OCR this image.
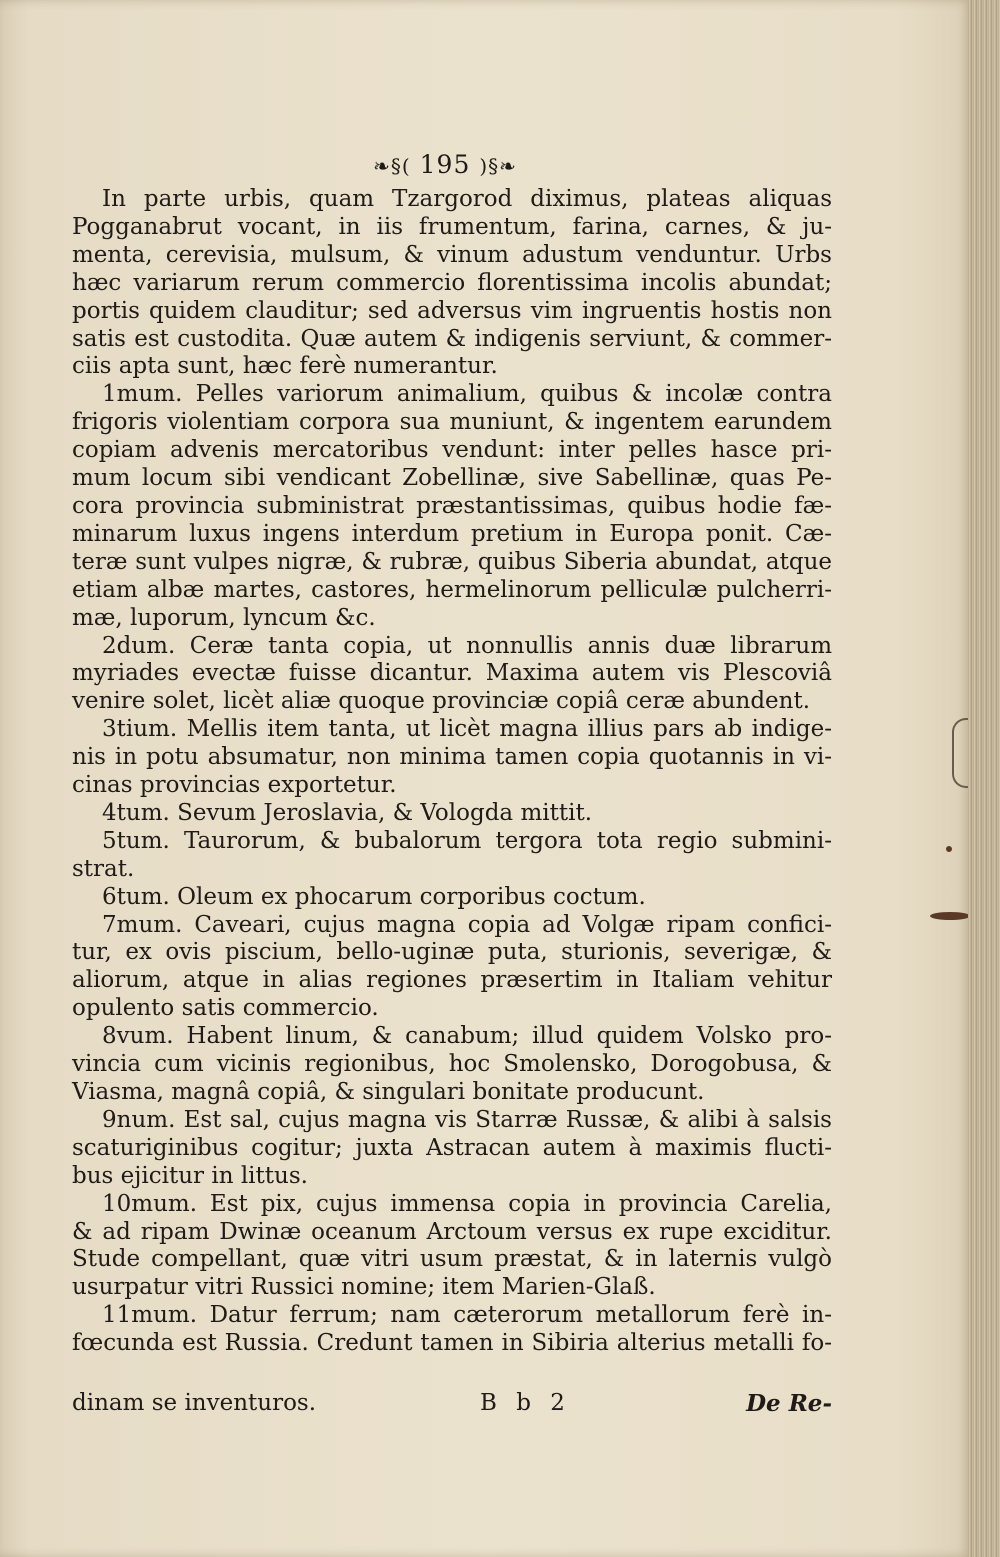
❧§( 195 )§❧
In parte urbis, quam Tzargorod diximus, plateas aliquas
Pogganabrut vocant, in iis frumentum, farina, carnes, & ju-
menta, cerevisia, mulsum, & vinum adustum venduntur. Urbs
hæc variarum rerum commercio florentissima incolis abundat;
portis quidem clauditur; sed adversus vim ingruentis hostis non
satis est custodita. Quæ autem & indigenis serviunt, & commer-
ciis apta sunt, hæc ferè numerantur.
1mum. Pelles variorum animalium, quibus & incolæ contra
frigoris violentiam corpora sua muniunt, & ingentem earundem
copiam advenis mercatoribus vendunt: inter pelles hasce pri-
mum locum sibi vendicant Zobellinæ, sive Sabellinæ, quas Pe-
cora provincia subministrat præstantissimas, quibus hodie fæ-
minarum luxus ingens interdum pretium in Europa ponit. Cæ-
teræ sunt vulpes nigræ, & rubræ, quibus Siberia abundat, atque
etiam albæ martes, castores, hermelinorum pelliculæ pulcherri-
mæ, luporum, lyncum &c.
2dum. Ceræ tanta copia, ut nonnullis annis duæ librarum
myriades evectæ fuisse dicantur. Maxima autem vis Plescoviâ
venire solet, licèt aliæ quoque provinciæ copiâ ceræ abundent.
3tium. Mellis item tanta, ut licèt magna illius pars ab indige-
nis in potu absumatur, non minima tamen copia quotannis in vi-
cinas provincias exportetur.
4tum. Sevum Jeroslavia, & Vologda mittit.
5tum. Taurorum, & bubalorum tergora tota regio submini-
strat.
6tum. Oleum ex phocarum corporibus coctum.
7mum. Caveari, cujus magna copia ad Volgæ ripam confici-
tur, ex ovis piscium, bello-uginæ puta, sturionis, severigæ, &
aliorum, atque in alias regiones præsertim in Italiam vehitur
opulento satis commercio.
8vum. Habent linum, & canabum; illud quidem Volsko pro-
vincia cum vicinis regionibus, hoc Smolensko, Dorogobusa, &
Viasma, magnâ copiâ, & singulari bonitate producunt.
9num. Est sal, cujus magna vis Starræ Russæ, & alibi à salsis
scaturiginibus cogitur; juxta Astracan autem à maximis flucti-
bus ejicitur in littus.
10mum. Est pix, cujus immensa copia in provincia Carelia,
& ad ripam Dwinæ oceanum Arctoum versus ex rupe exciditur.
Stude compellant, quæ vitri usum præstat, & in laternis vulgò
usurpatur vitri Russici nomine; item Marien-Glaß.
11mum. Datur ferrum; nam cæterorum metallorum ferè in-
fœcunda est Russia. Credunt tamen in Sibiria alterius metalli fo-
dinam se inventuros.	B b 2	De Re-
